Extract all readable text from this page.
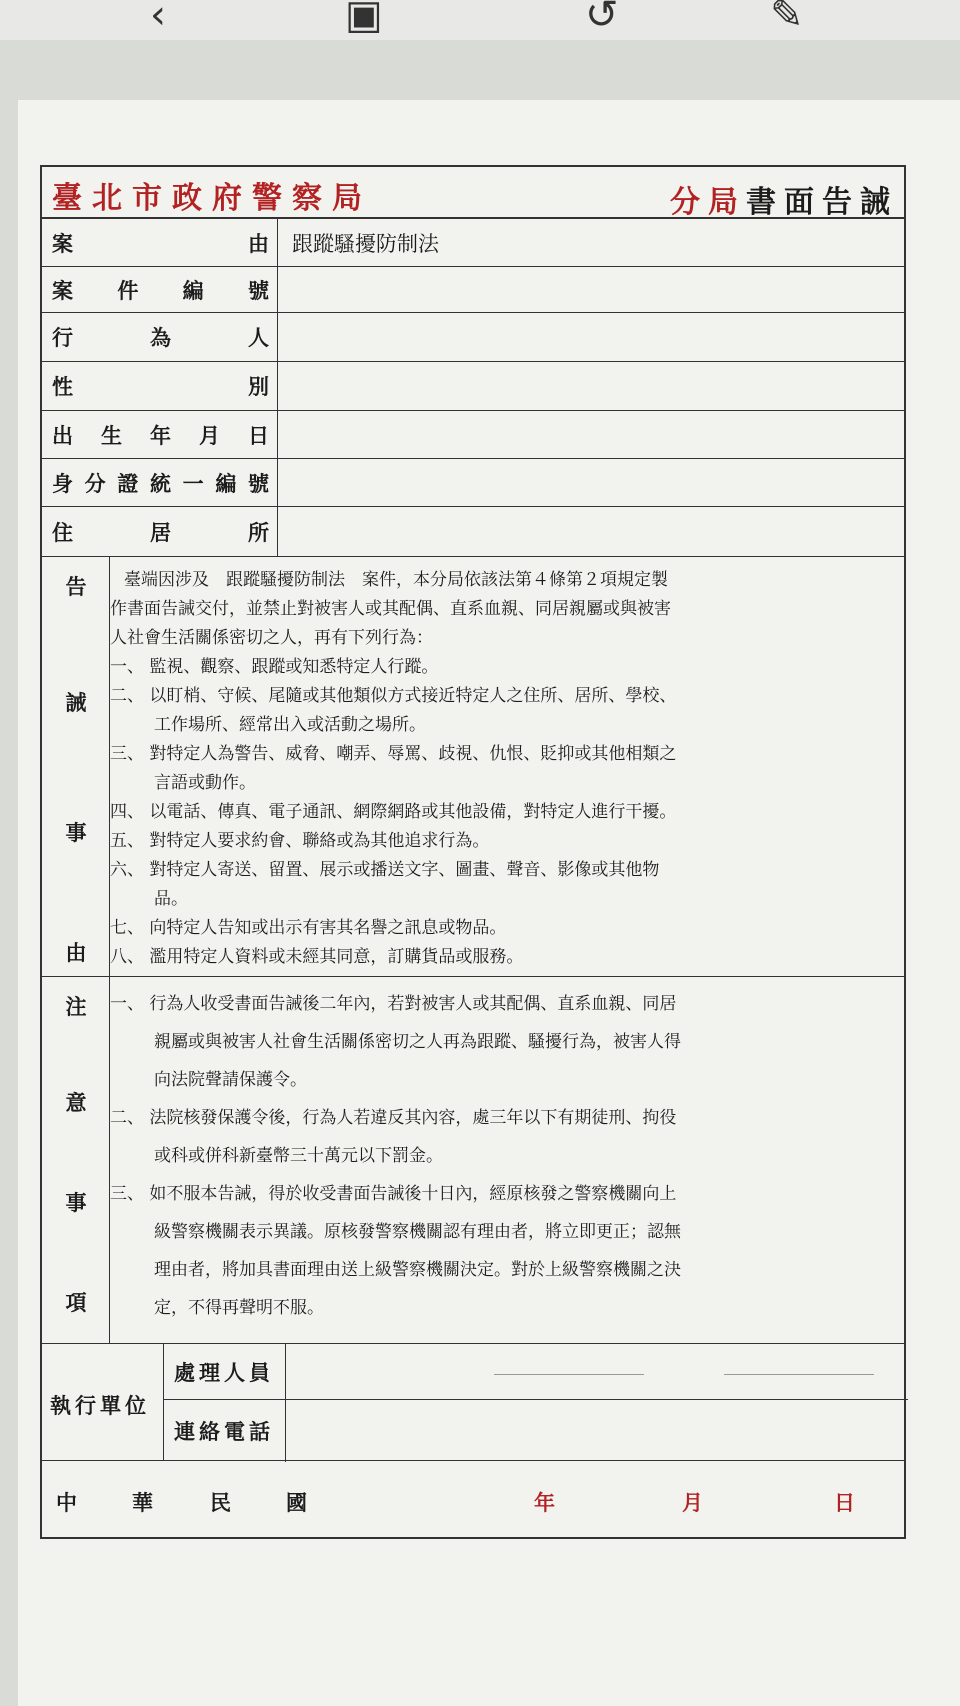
‹	▣	↺	✎
臺北市政府警察局	分局書面告誡
案	由 跟蹤騷擾防制法
案 件 編 號
行	為	人
性	別
出 生 年 月 日
身 分 證 統 一 編 號
住	居	所
告
誡
事
由
臺端因涉及　跟蹤騷擾防制法　案件，本分局依該法第４條第２項規定製
作書面告誡交付，並禁止對被害人或其配偶、直系血親、同居親屬或與被害
人社會生活關係密切之人，再有下列行為：
一、 監視、觀察、跟蹤或知悉特定人行蹤。
二、 以盯梢、守候、尾隨或其他類似方式接近特定人之住所、居所、學校、
工作場所、經常出入或活動之場所。
三、 對特定人為警告、威脅、嘲弄、辱罵、歧視、仇恨、貶抑或其他相類之
言語或動作。
四、 以電話、傳真、電子通訊、網際網路或其他設備，對特定人進行干擾。
五、 對特定人要求約會、聯絡或為其他追求行為。
六、 對特定人寄送、留置、展示或播送文字、圖畫、聲音、影像或其他物
品。
七、 向特定人告知或出示有害其名譽之訊息或物品。
八、 濫用特定人資料或未經其同意，訂購貨品或服務。
注
意
事
項
一、 行為人收受書面告誡後二年內，若對被害人或其配偶、直系血親、同居
親屬或與被害人社會生活關係密切之人再為跟蹤、騷擾行為，被害人得
向法院聲請保護令。
二、 法院核發保護令後，行為人若違反其內容，處三年以下有期徒刑、拘役
或科或併科新臺幣三十萬元以下罰金。
三、 如不服本告誡，得於收受書面告誡後十日內，經原核發之警察機關向上
級警察機關表示異議。原核發警察機關認有理由者，將立即更正；認無
理由者，將加具書面理由送上級警察機關決定。對於上級警察機關之決
定，不得再聲明不服。
執行單位
處理人員
連絡電話
中	華	民	國	年	月	日
